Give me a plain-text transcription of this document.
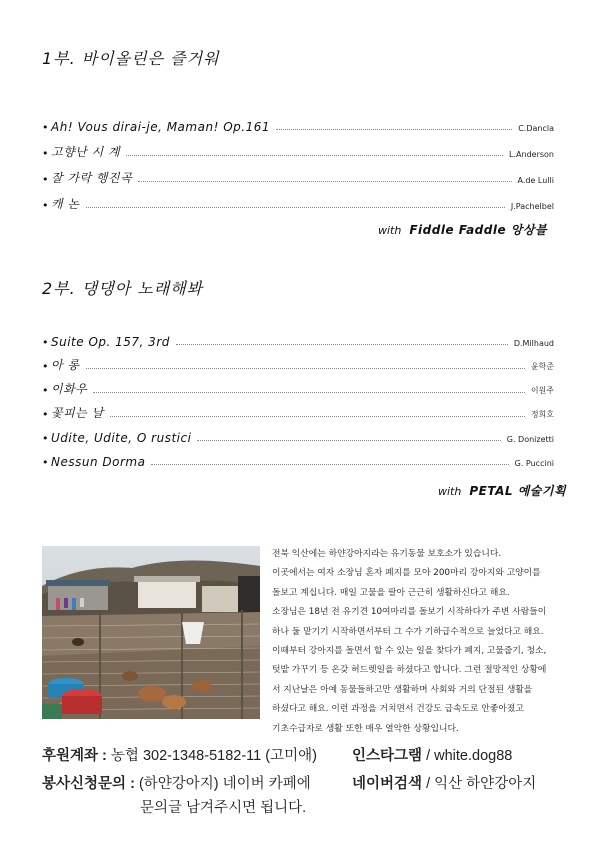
1부. 바이올린은 즐거워
• Ah! Vous dirai-je, Maman! Op.161	C.Dancla
• 고향난 시 계	L.Anderson
• 잘 가락 행진곡	A.de Lulli
• 캐 논	J.Pachelbel
with Fiddle Faddle 앙상블
2부. 댕댕아 노래해봐
• Suite Op. 157, 3rd	D.Milhaud
• 아 롱	윤학준
• 이화우	이원주
• 꽃피는 날	정희호
• Udite, Udite, O rustici	G. Donizetti
• Nessun Dorma	G. Puccini
with PETAL 예술기획

전북 익산에는 하얀강아지라는 유기동물 보호소가 있습니다.

이곳에서는 여자 소장님 혼자 폐지를 모아 200마리 강아지와 고양이를

돌보고 계십니다. 매일 고물을 팔아 근근히 생활하신다고 해요.

소장님은 18년 전 유기견 10여마리를 돌보기 시작하다가 주변 사람들이

하나 둘 맡기기 시작하면서부터 그 수가 기하급수적으로 늘었다고 해요.

이때부터 강아지를 돌면서 할 수 있는 일을 찾다가 폐지, 고물줍기, 청소,

텃밭 가꾸기 등 온갖 허드렛일을 하셨다고 합니다. 그런 절망적인 상황에

서 지난날은 아예 동물들하고만 생활하며 사회와 거의 단절된 생활을

하셨다고 해요. 이런 과정을 거치면서 건강도 급속도로 안좋아졌고

기초수급자로 생활 또한 매우 열악한 상황입니다.

후원계좌 : 농협 302-1348-5182-11 (고미애) 인스타그램 / white.dog88
봉사신청문의 : (하얀강아지) 네이버 카페에
문의글 남겨주시면 됩니다.
네이버검색 / 익산 하얀강아지
